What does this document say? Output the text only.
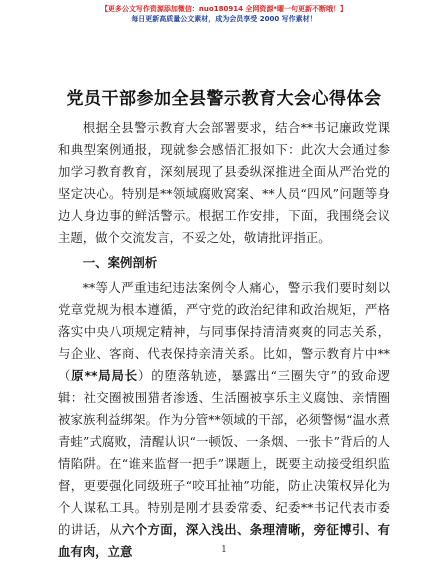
【更多公文写作资源添加微信：nuo180914 全网资源*曜一句更新不断哦！】
每日更新高质量公文素材，成为会员享受 2000 写作素材！
党员干部参加全县警示教育大会心得体会

根据全县警示教育大会部署要求，结合**书记廉政党课和典型案例通报，现就参会感悟汇报如下：此次大会通过参加学习教育教育，深刻展现了县委纵深推进全面从严治党的坚定决心。特别是**领域腐败窝案、**人员“四风”问题等身边人身边事的鲜活警示。根据工作安排，下面，我围绕会议主题，做个交流发言，不妥之处，敬请批评指正。

一、案例剖析

**等人严重违纪违法案例令人痛心，警示我们要时刻以党章党规为根本遵循，严守党的政治纪律和政治规矩，严格落实中央八项规定精神，与同事保持清清爽爽的同志关系，与企业、客商、代表保持亲清关系。比如，警示教育片中**（原**局局长）的堕落轨迹，暴露出“三圈失守”的致命逻辑：社交圈被围猎者渗透、生活圈被享乐主义腐蚀、亲情圈被家族利益绑架。作为分管**领域的干部，必须警惕“温水煮青蛙”式腐败，清醒认识“一顿饭、一条烟、一张卡”背后的人情陷阱。在“谁来监督一把手”课题上，既要主动接受组织监督，更要强化同级班子“咬耳扯袖”功能，防止决策权异化为个人谋私工具。特别是刚才县委常委、纪委**书记代表市委的讲话，从六个方面，深入浅出、条理清晰，旁征博引、有血有肉，立意	1
